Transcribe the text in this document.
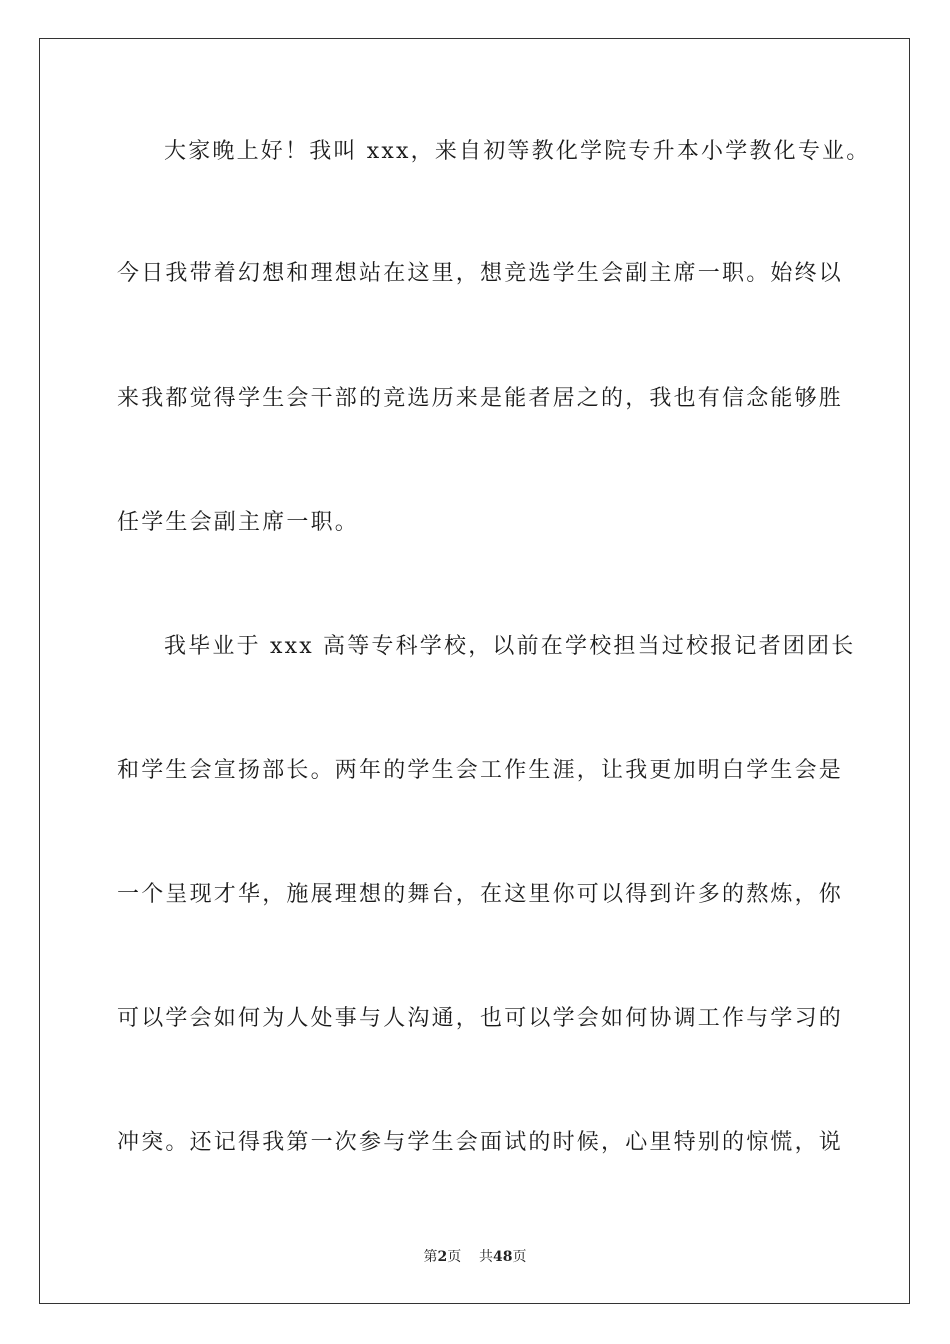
大家晚上好！我叫 xxx，来自初等教化学院专升本小学教化专业。
今日我带着幻想和理想站在这里，想竞选学生会副主席一职。始终以
来我都觉得学生会干部的竞选历来是能者居之的，我也有信念能够胜
任学生会副主席一职。
我毕业于 xxx 高等专科学校，以前在学校担当过校报记者团团长
和学生会宣扬部长。两年的学生会工作生涯，让我更加明白学生会是
一个呈现才华，施展理想的舞台，在这里你可以得到许多的熬炼，你
可以学会如何为人处事与人沟通，也可以学会如何协调工作与学习的
冲突。还记得我第一次参与学生会面试的时候，心里特别的惊慌，说
第2页 共48页
